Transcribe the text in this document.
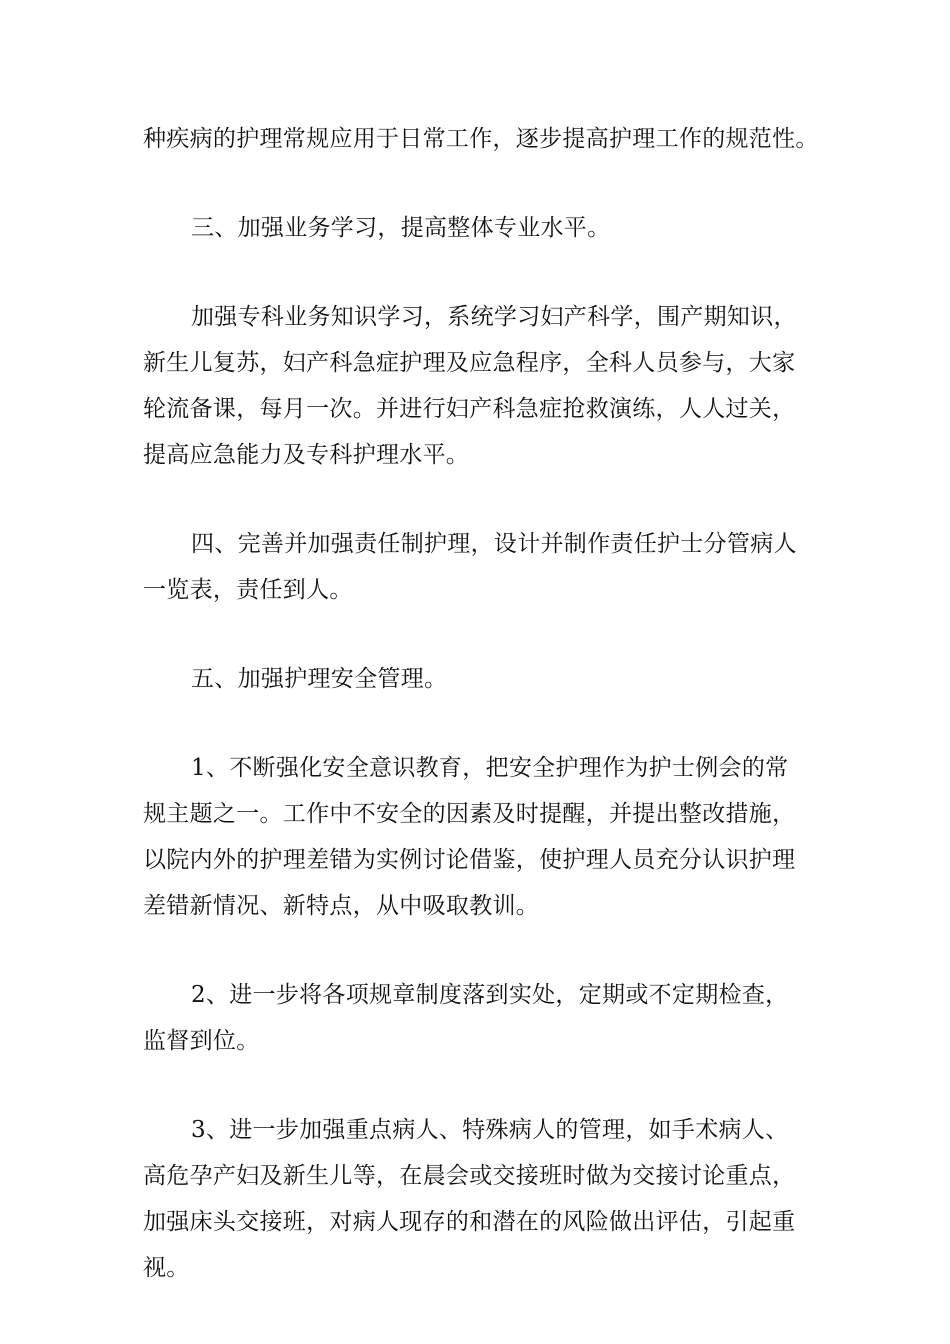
种疾病的护理常规应用于日常工作，逐步提高护理工作的规范性。

三、加强业务学习，提高整体专业水平。

加强专科业务知识学习，系统学习妇产科学，围产期知识，
新生儿复苏，妇产科急症护理及应急程序，全科人员参与，大家
轮流备课，每月一次。并进行妇产科急症抢救演练，人人过关，
提高应急能力及专科护理水平。

四、完善并加强责任制护理，设计并制作责任护士分管病人
一览表，责任到人。

五、加强护理安全管理。

1、不断强化安全意识教育，把安全护理作为护士例会的常
规主题之一。工作中不安全的因素及时提醒，并提出整改措施，
以院内外的护理差错为实例讨论借鉴，使护理人员充分认识护理
差错新情况、新特点，从中吸取教训。

2、进一步将各项规章制度落到实处，定期或不定期检查，
监督到位。

3、进一步加强重点病人、特殊病人的管理，如手术病人、
高危孕产妇及新生儿等，在晨会或交接班时做为交接讨论重点，
加强床头交接班，对病人现存的和潜在的风险做出评估，引起重
视。
